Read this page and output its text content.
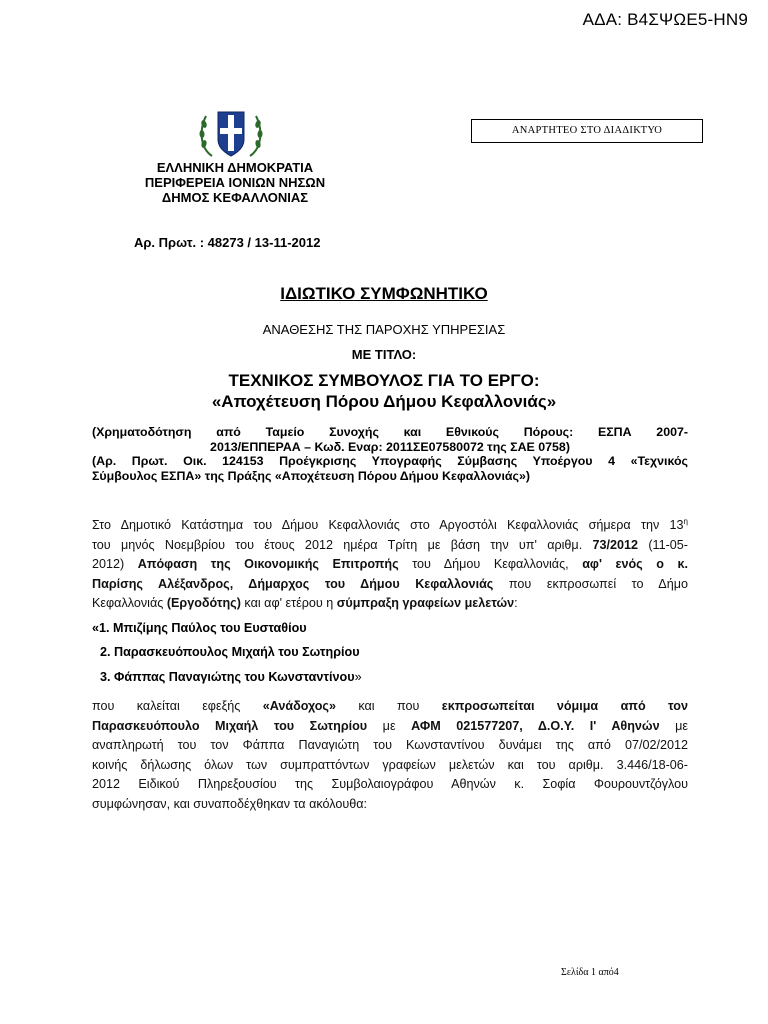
ΑΔΑ: Β4ΣΨΩΕ5-ΗΝ9
ΑΝΑΡΤΗΤΕΟ ΣΤΟ ΔΙΑΔΙΚΤΥΟ
ΕΛΛΗΝΙΚΗ ΔΗΜΟΚΡΑΤΙΑ
ΠΕΡΙΦΕΡΕΙΑ ΙΟΝΙΩΝ ΝΗΣΩΝ
ΔΗΜΟΣ ΚΕΦΑΛΛΟΝΙΑΣ
Αρ. Πρωτ. : 48273 / 13-11-2012
ΙΔΙΩΤΙΚΟ ΣΥΜΦΩΝΗΤΙΚΟ
ΑΝΑΘΕΣΗΣ ΤΗΣ ΠΑΡΟΧΗΣ ΥΠΗΡΕΣΙΑΣ
ΜΕ ΤΙΤΛΟ:
ΤΕΧΝΙΚΟΣ ΣΥΜΒΟΥΛΟΣ ΓΙΑ ΤΟ ΕΡΓΟ:
«Αποχέτευση Πόρου Δήμου Κεφαλλονιάς»

(Χρηματοδότηση από Ταμείο Συνοχής και Εθνικούς Πόρους: ΕΣΠΑ 2007-

2013/ΕΠΠΕΡΑΑ – Κωδ. Εναρ: 2011ΣΕ07580072 της ΣΑΕ 0758)

(Αρ. Πρωτ. Οικ. 124153 Προέγκρισης Υπογραφής Σύμβασης Υποέργου 4 «Τεχνικός

Σύμβουλος ΕΣΠΑ» της Πράξης «Αποχέτευση Πόρου Δήμου Κεφαλλονιάς»)

Στο Δημοτικό Κατάστημα του Δήμου Κεφαλλονιάς στο Αργοστόλι Κεφαλλονιάς σήμερα την $13^\eta$
του μηνός Νοεμβρίου του έτους 2012 ημέρα Τρίτη με βάση την υπ' αριθμ. 73/2012 (11-05-
2012) Απόφαση της Οικονομικής Επιτροπής του Δήμου Κεφαλλονιάς, αφ' ενός ο κ.
Παρίσης Αλέξανδρος, Δήμαρχος του Δήμου Κεφαλλονιάς που εκπροσωπεί το Δήμο
Κεφαλλονιάς (Εργοδότης) και αφ' ετέρου η σύμπραξη γραφείων μελετών:
«1. Μπιζίμης Παύλος του Ευσταθίου
2. Παρασκευόπουλος Μιχαήλ του Σωτηρίου
3. Φάππας Παναγιώτης του Κωνσταντίνου»
που καλείται εφεξής «Ανάδοχος» και που εκπροσωπείται νόμιμα από τον
Παρασκευόπουλο Μιχαήλ του Σωτηρίου με ΑΦΜ 021577207, Δ.Ο.Υ. Ι' Αθηνών με
αναπληρωτή του τον Φάππα Παναγιώτη του Κωνσταντίνου δυνάμει της από 07/02/2012
κοινής δήλωσης όλων των συμπραττόντων γραφείων μελετών και του αριθμ. 3.446/18-06-
2012 Ειδικού Πληρεξουσίου της Συμβολαιογράφου Αθηνών κ. Σοφία Φουρουντζόγλου
συμφώνησαν, και συναποδέχθηκαν τα ακόλουθα:
Σελίδα 1 από4
